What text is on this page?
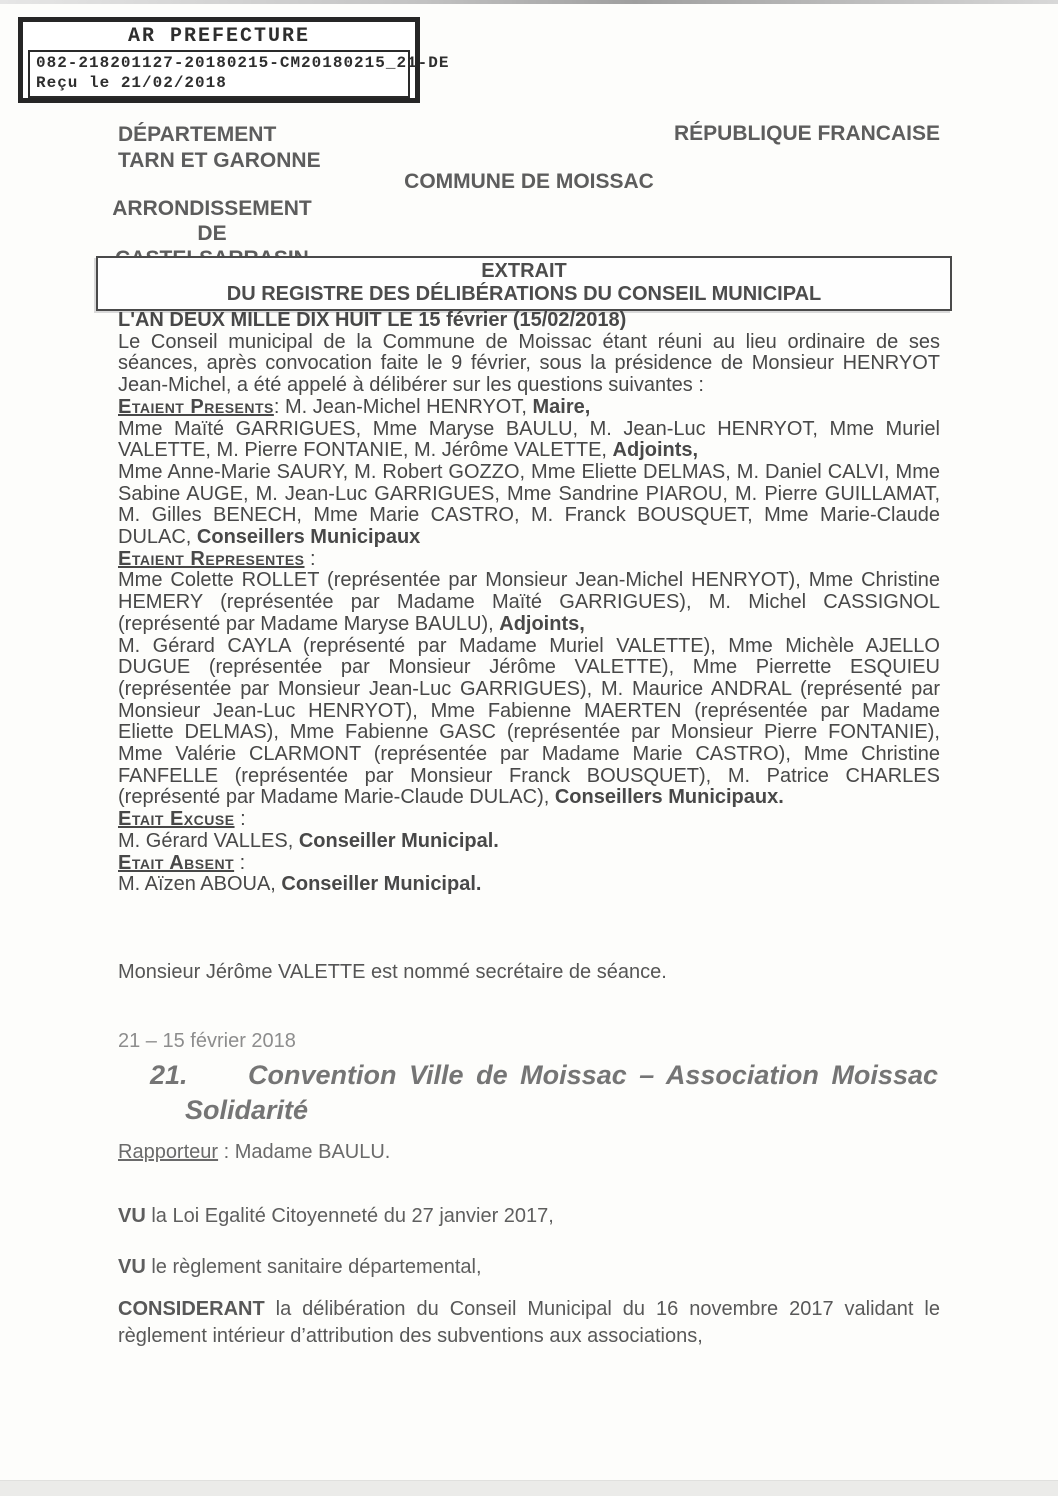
AR PREFECTURE
082-218201127-20180215-CM20180215_21-DE
Reçu le 21/02/2018
DÉPARTEMENT
TARN ET GARONNE
RÉPUBLIQUE FRANCAISE
COMMUNE DE MOISSAC
ARRONDISSEMENT
DE
EXTRAIT
DU REGISTRE DES DÉLIBÉRATIONS DU CONSEIL MUNICIPAL

L'AN DEUX MILLE DIX HUIT LE 15 février (15/02/2018)

Le Conseil municipal de la Commune de Moissac étant réuni au lieu ordinaire de ses séances, après convocation faite le 9 février, sous la présidence de Monsieur HENRYOT Jean-Michel, a été appelé à délibérer sur les questions suivantes :

Etaient Presents: M. Jean-Michel HENRYOT, Maire,

Mme Maïté GARRIGUES, Mme Maryse BAULU, M. Jean-Luc HENRYOT, Mme Muriel VALETTE, M. Pierre FONTANIE, M. Jérôme VALETTE, Adjoints,

Mme Anne-Marie SAURY, M. Robert GOZZO, Mme Eliette DELMAS, M. Daniel CALVI, Mme Sabine AUGE, M. Jean-Luc GARRIGUES, Mme Sandrine PIAROU, M. Pierre GUILLAMAT, M. Gilles BENECH, Mme Marie CASTRO, M. Franck BOUSQUET, Mme Marie-Claude DULAC, Conseillers Municipaux

Etaient Representes :

Mme Colette ROLLET (représentée par Monsieur Jean-Michel HENRYOT), Mme Christine HEMERY (représentée par Madame Maïté GARRIGUES), M. Michel CASSIGNOL (représenté par Madame Maryse BAULU), Adjoints,

M. Gérard CAYLA (représenté par Madame Muriel VALETTE), Mme Michèle AJELLO DUGUE (représentée par Monsieur Jérôme VALETTE), Mme Pierrette ESQUIEU (représentée par Monsieur Jean-Luc GARRIGUES), M. Maurice ANDRAL (représenté par Monsieur Jean-Luc HENRYOT), Mme Fabienne MAERTEN (représentée par Madame Eliette DELMAS), Mme Fabienne GASC (représentée par Monsieur Pierre FONTANIE), Mme Valérie CLARMONT (représentée par Madame Marie CASTRO), Mme Christine FANFELLE (représentée par Monsieur Franck BOUSQUET), M. Patrice CHARLES (représenté par Madame Marie-Claude DULAC), Conseillers Municipaux.

Etait Excuse :

M. Gérard VALLES, Conseiller Municipal.

Etait Absent :

M. Aïzen ABOUA, Conseiller Municipal.

Monsieur Jérôme VALETTE est nommé secrétaire de séance.
21 – 15 février 2018
21.	Convention Ville de Moissac – Association Moissac Solidarité
Rapporteur : Madame BAULU.
VU la Loi Egalité Citoyenneté du 27 janvier 2017,
VU le règlement sanitaire départemental,
CONSIDERANT la délibération du Conseil Municipal du 16 novembre 2017 validant le règlement intérieur d’attribution des subventions aux associations,
